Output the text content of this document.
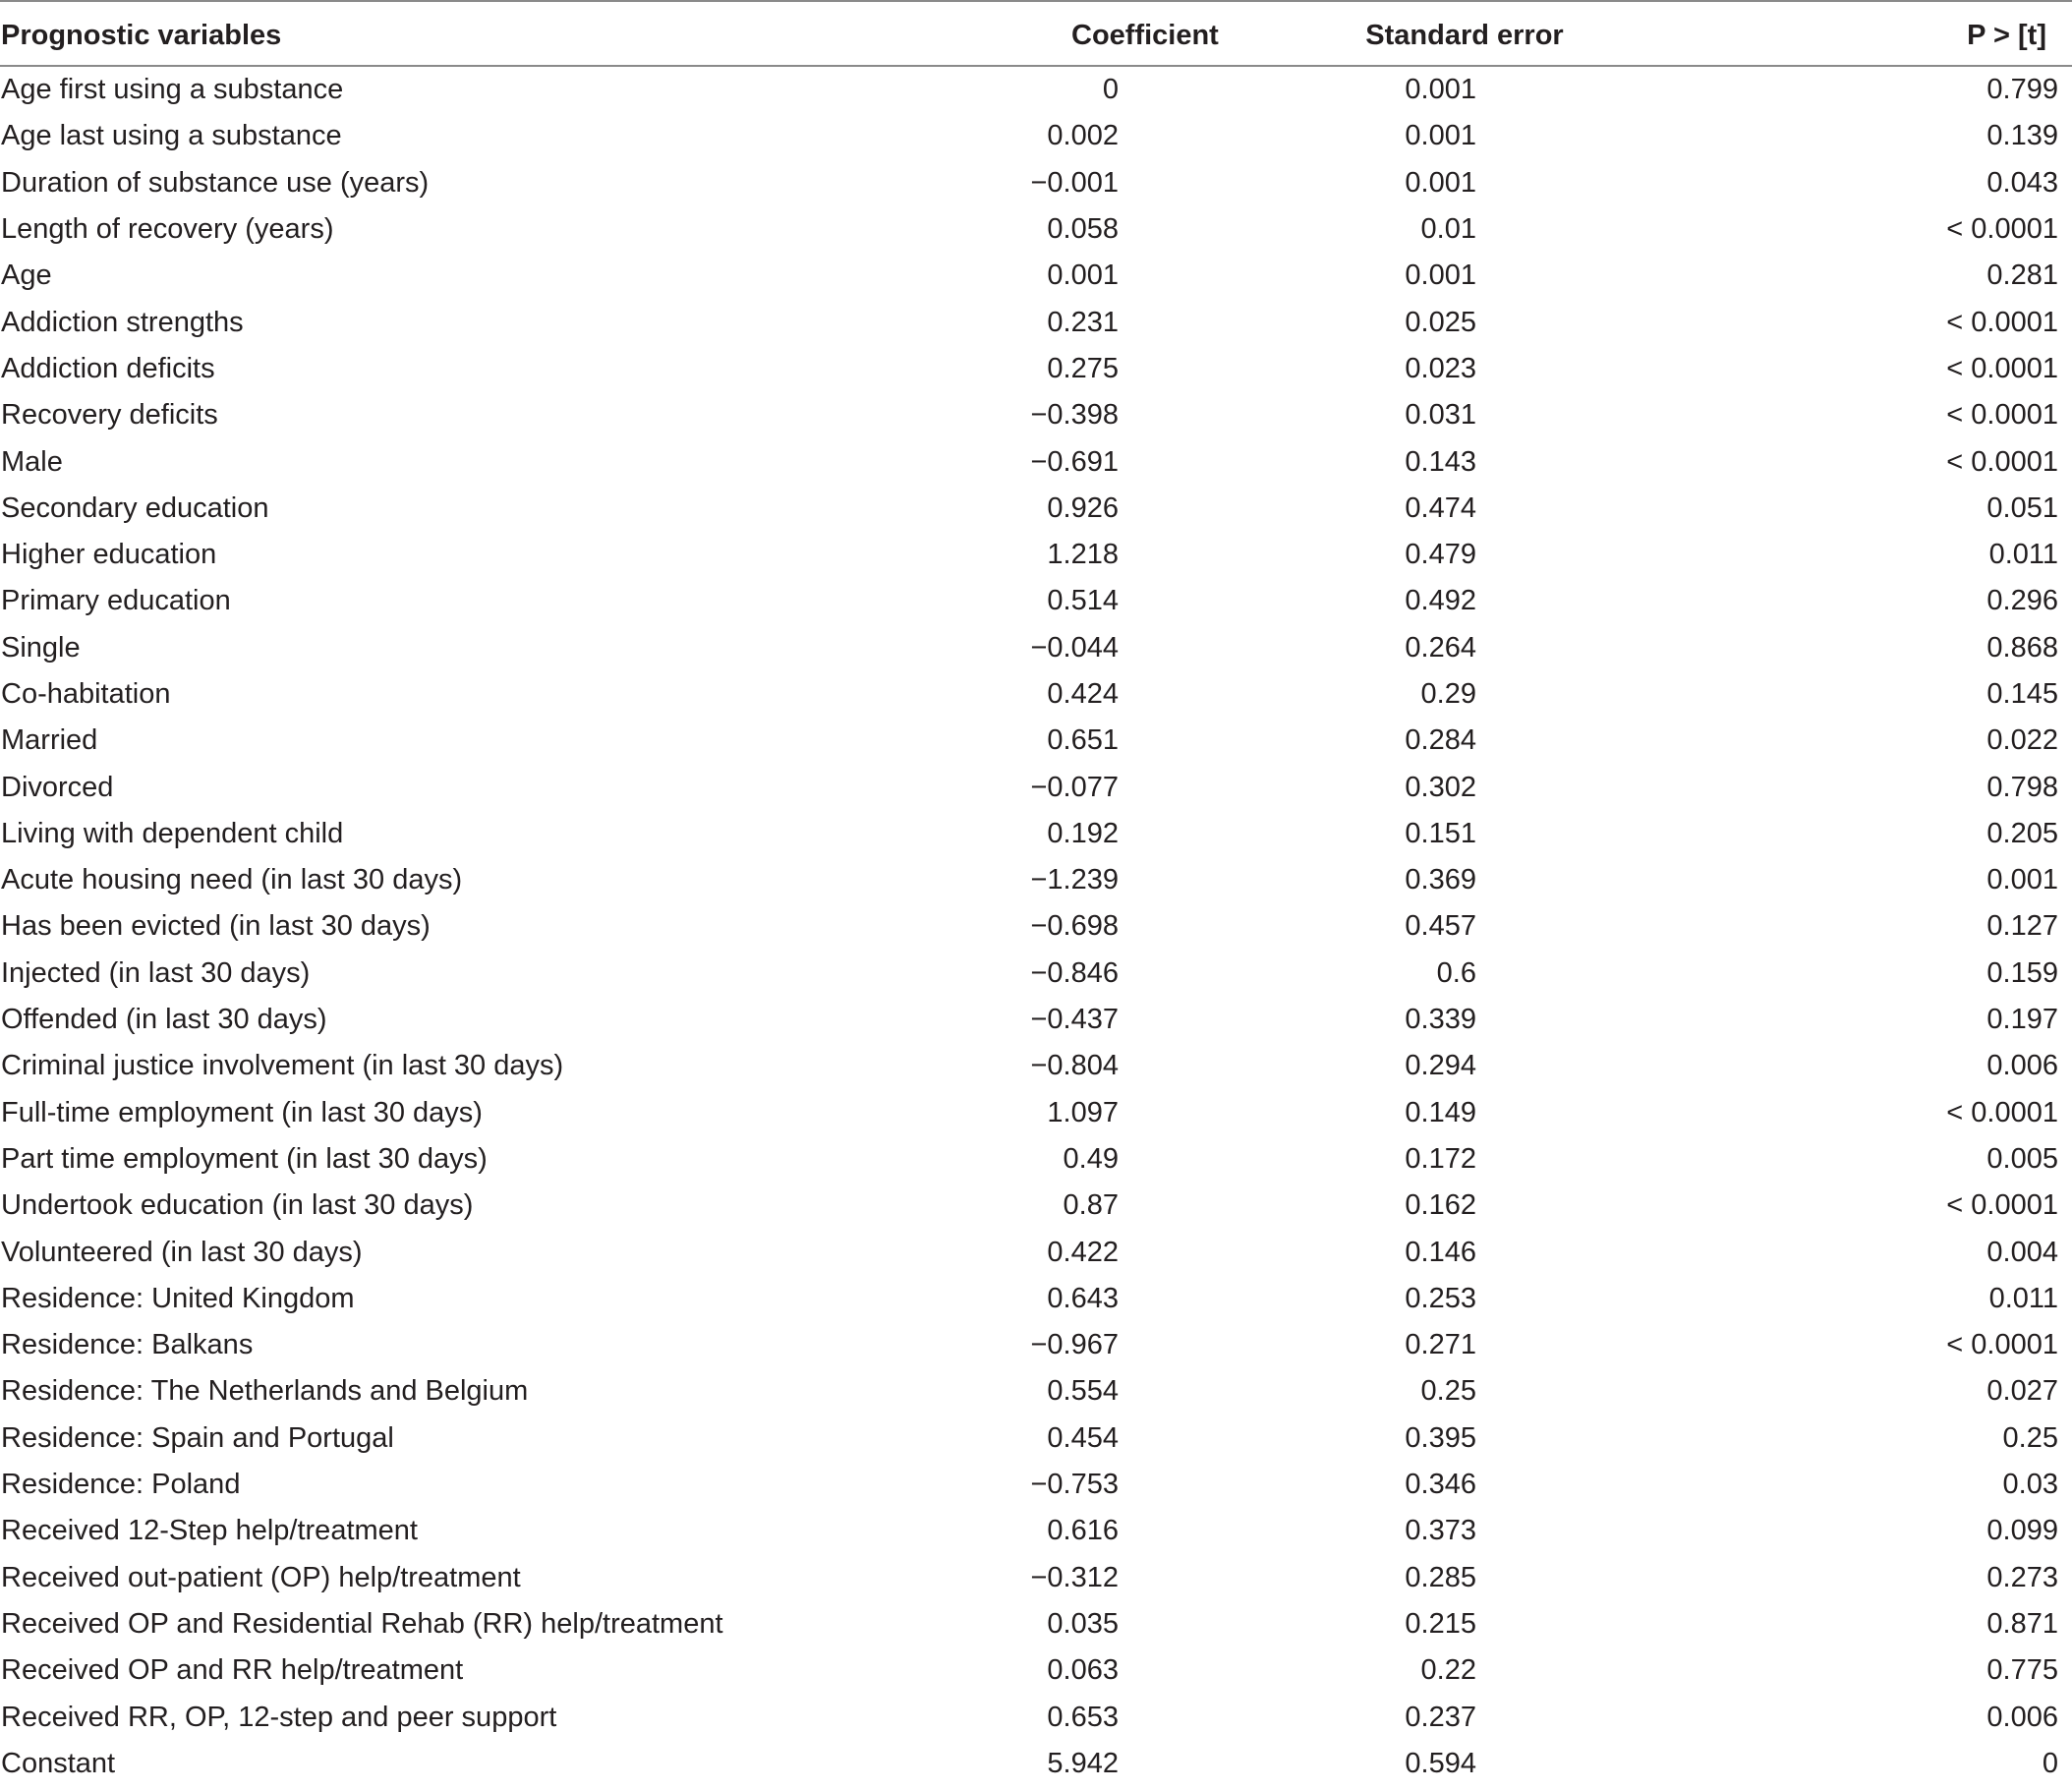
Prognostic variables	Coefficient	Standard error	P > [t]
Age first using a substance	0	0.001	0.799
Age last using a substance	0.002	0.001	0.139
Duration of substance use (years)	−0.001	0.001	0.043
Length of recovery (years)	0.058	0.01	< 0.0001
Age	0.001	0.001	0.281
Addiction strengths	0.231	0.025	< 0.0001
Addiction deficits	0.275	0.023	< 0.0001
Recovery deficits	−0.398	0.031	< 0.0001
Male	−0.691	0.143	< 0.0001
Secondary education	0.926	0.474	0.051
Higher education	1.218	0.479	0.011
Primary education	0.514	0.492	0.296
Single	−0.044	0.264	0.868
Co-habitation	0.424	0.29	0.145
Married	0.651	0.284	0.022
Divorced	−0.077	0.302	0.798
Living with dependent child	0.192	0.151	0.205
Acute housing need (in last 30 days)	−1.239	0.369	0.001
Has been evicted (in last 30 days)	−0.698	0.457	0.127
Injected (in last 30 days)	−0.846	0.6	0.159
Offended (in last 30 days)	−0.437	0.339	0.197
Criminal justice involvement (in last 30 days)	−0.804	0.294	0.006
Full-time employment (in last 30 days)	1.097	0.149	< 0.0001
Part time employment (in last 30 days)	0.49	0.172	0.005
Undertook education (in last 30 days)	0.87	0.162	< 0.0001
Volunteered (in last 30 days)	0.422	0.146	0.004
Residence: United Kingdom	0.643	0.253	0.011
Residence: Balkans	−0.967	0.271	< 0.0001
Residence: The Netherlands and Belgium	0.554	0.25	0.027
Residence: Spain and Portugal	0.454	0.395	0.25
Residence: Poland	−0.753	0.346	0.03
Received 12-Step help/treatment	0.616	0.373	0.099
Received out-patient (OP) help/treatment	−0.312	0.285	0.273
Received OP and Residential Rehab (RR) help/treatment	0.035	0.215	0.871
Received OP and RR help/treatment	0.063	0.22	0.775
Received RR, OP, 12-step and peer support	0.653	0.237	0.006
Constant	5.942	0.594	0
